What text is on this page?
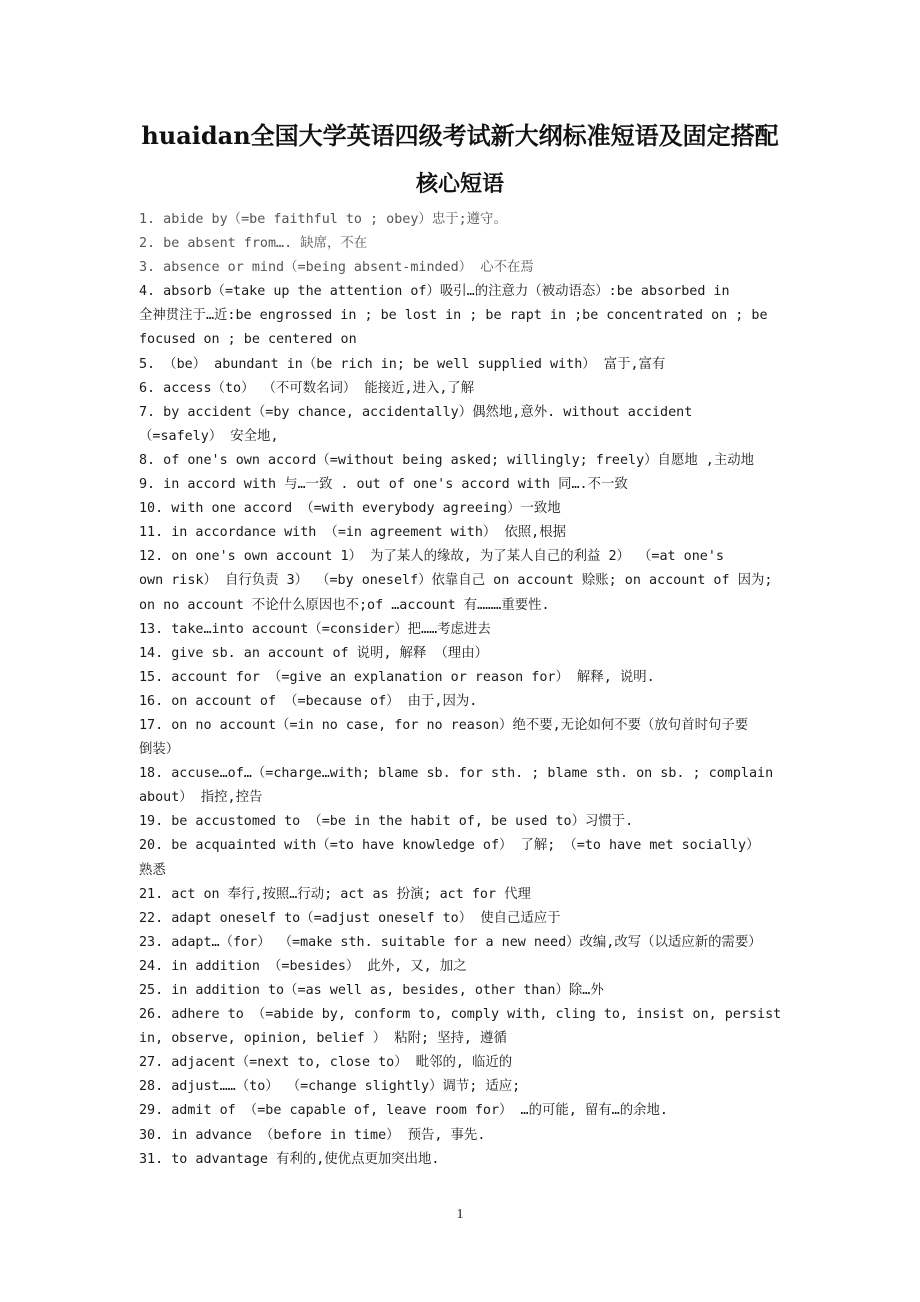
huaidan全国大学英语四级考试新大纲标准短语及固定搭配
核心短语
1. abide by（=be faithful to ; obey）忠于;遵守。
2. be absent from…. 缺席，不在
3. absence or mind（=being absent-minded） 心不在焉
4. absorb（=take up the attention of）吸引…的注意力（被动语态）:be absorbed in
全神贯注于…近:be engrossed in ; be lost in ; be rapt in ;be concentrated on ; be
focused on ; be centered on
5. （be） abundant in（be rich in; be well supplied with） 富于,富有
6. access（to） （不可数名词） 能接近,进入,了解
7. by accident（=by chance, accidentally）偶然地,意外. without accident
（=safely） 安全地,
8. of one's own accord（=without being asked; willingly; freely）自愿地 ,主动地
9. in accord with 与…一致 . out of one's accord with 同….不一致
10. with one accord （=with everybody agreeing）一致地
11. in accordance with （=in agreement with） 依照,根据
12. on one's own account 1） 为了某人的缘故, 为了某人自己的利益 2） （=at one's
own risk） 自行负责 3） （=by oneself）依靠自己 on account 赊账; on account of 因为;
on no account 不论什么原因也不;of …account 有………重要性.
13. take…into account（=consider）把……考虑进去
14. give sb. an account of 说明, 解释 （理由）
15. account for （=give an explanation or reason for） 解释, 说明.
16. on account of （=because of） 由于,因为.
17. on no account（=in no case, for no reason）绝不要,无论如何不要（放句首时句子要
倒装）
18. accuse…of…（=charge…with; blame sb. for sth. ; blame sth. on sb. ; complain
about） 指控,控告
19. be accustomed to （=be in the habit of, be used to）习惯于.
20. be acquainted with（=to have knowledge of） 了解; （=to have met socially）
熟悉
21. act on 奉行,按照…行动; act as 扮演; act for 代理
22. adapt oneself to（=adjust oneself to） 使自己适应于
23. adapt…（for） （=make sth. suitable for a new need）改编,改写（以适应新的需要）
24. in addition （=besides） 此外, 又, 加之
25. in addition to（=as well as, besides, other than）除…外
26. adhere to （=abide by, conform to, comply with, cling to, insist on, persist
in, observe, opinion, belief ） 粘附; 坚持, 遵循
27. adjacent（=next to, close to） 毗邻的, 临近的
28. adjust……（to） （=change slightly）调节; 适应;
29. admit of （=be capable of, leave room for） …的可能, 留有…的余地.
30. in advance （before in time） 预告, 事先.
31. to advantage 有利的,使优点更加突出地.
1
